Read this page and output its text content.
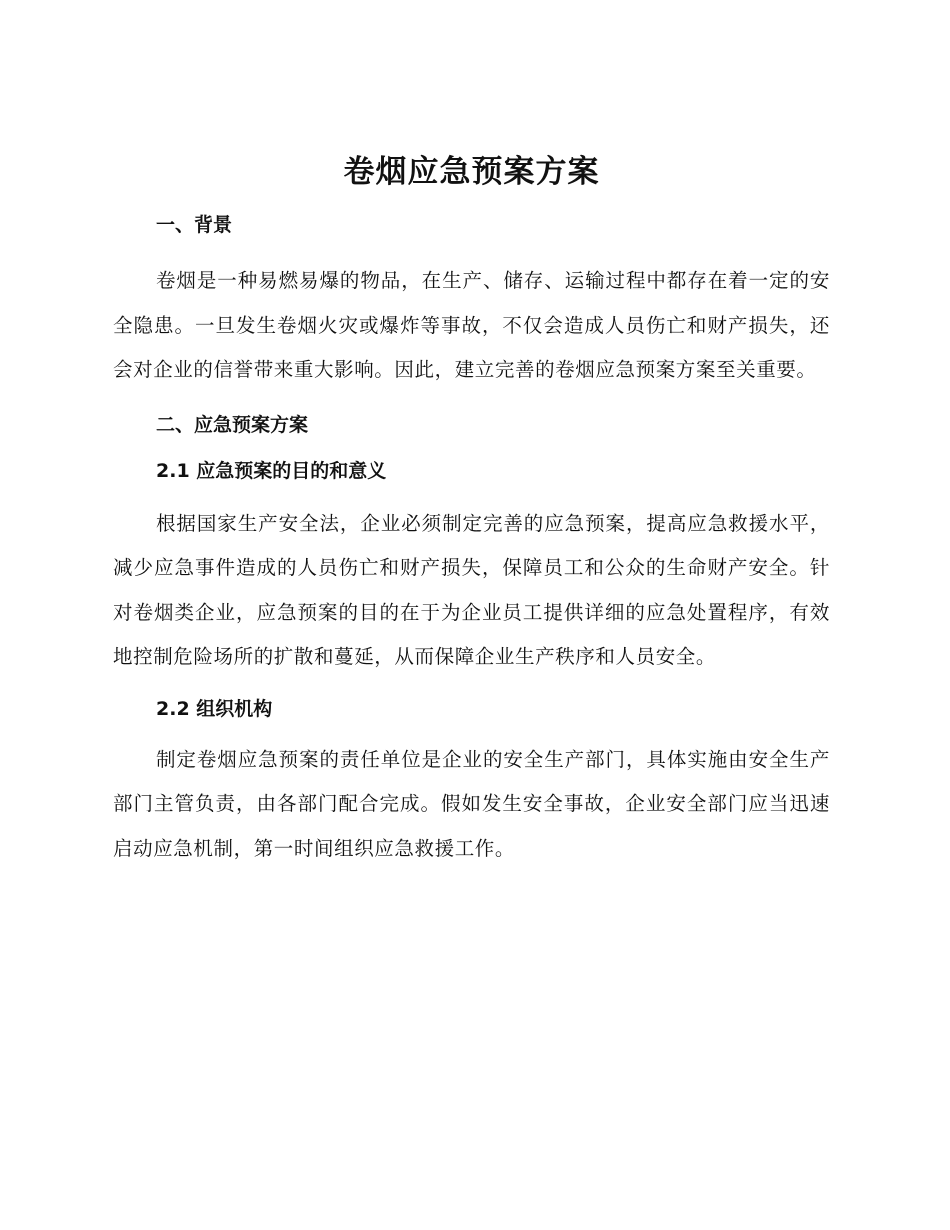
卷烟应急预案方案

一、背景

卷烟是一种易燃易爆的物品，在生产、储存、运输过程中都存在着一定的安全隐患。一旦发生卷烟火灾或爆炸等事故，不仅会造成人员伤亡和财产损失，还会对企业的信誉带来重大影响。因此，建立完善的卷烟应急预案方案至关重要。

二、应急预案方案

2.1 应急预案的目的和意义

根据国家生产安全法，企业必须制定完善的应急预案，提高应急救援水平，减少应急事件造成的人员伤亡和财产损失，保障员工和公众的生命财产安全。针对卷烟类企业，应急预案的目的在于为企业员工提供详细的应急处置程序，有效地控制危险场所的扩散和蔓延，从而保障企业生产秩序和人员安全。

2.2 组织机构

制定卷烟应急预案的责任单位是企业的安全生产部门，具体实施由安全生产部门主管负责，由各部门配合完成。假如发生安全事故，企业安全部门应当迅速启动应急机制，第一时间组织应急救援工作。
